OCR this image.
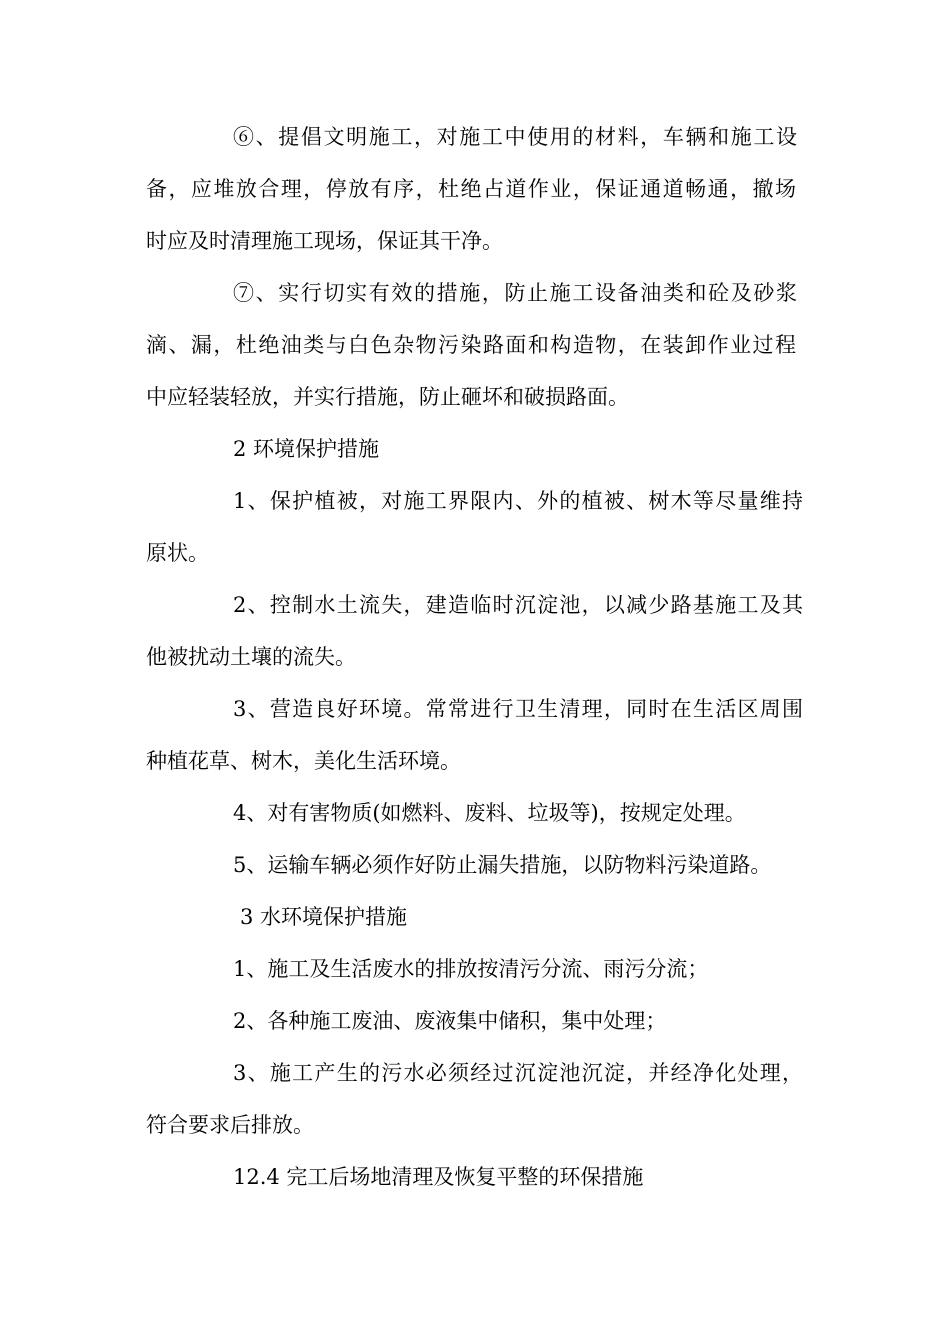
⑥、提倡文明施工，对施工中使用的材料，车辆和施工设

备，应堆放合理，停放有序，杜绝占道作业，保证通道畅通，撤场

时应及时清理施工现场，保证其干净。

⑦、实行切实有效的措施，防止施工设备油类和砼及砂浆

滴、漏，杜绝油类与白色杂物污染路面和构造物，在装卸作业过程

中应轻装轻放，并实行措施，防止砸坏和破损路面。

2 环境保护措施

1、保护植被，对施工界限内、外的植被、树木等尽量维持

原状。

2、控制水土流失，建造临时沉淀池，以减少路基施工及其

他被扰动土壤的流失。

3、营造良好环境。常常进行卫生清理，同时在生活区周围

种植花草、树木，美化生活环境。

4、对有害物质(如燃料、废料、垃圾等)，按规定处理。

5、运输车辆必须作好防止漏失措施，以防物料污染道路。

3 水环境保护措施

1、施工及生活废水的排放按清污分流、雨污分流；

2、各种施工废油、废液集中储积，集中处理；

3、施工产生的污水必须经过沉淀池沉淀，并经净化处理，

符合要求后排放。

12.4 完工后场地清理及恢复平整的环保措施
